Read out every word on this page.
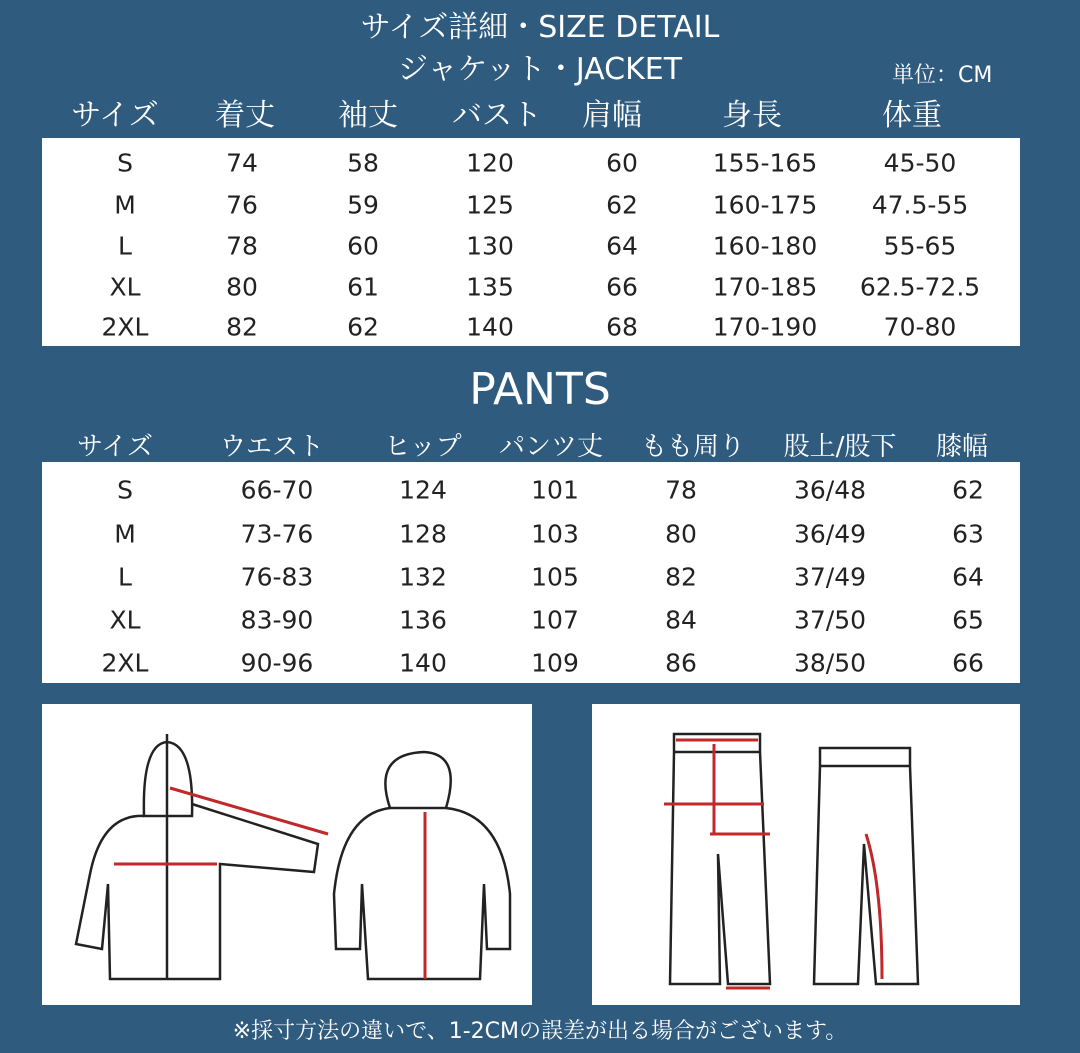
サイズ詳細・SIZE DETAIL
ジャケット・JACKET	単位：CM
S	74	58	120	60	155-165	45-50
M	76	59	125	62	160-175 47.5-55
L	78	60	130	64	160-180	55-65
XL	80	61	135	66	170-185 62.5-72.5
2XL	82	62	140	68	170-190	70-80
PANTS
S	66-70	124	101	78	36/48	62
M	73-76	128	103	80	36/49	63
L	76-83	132	105	82	37/49	64
XL	83-90	136	107	84	37/50	65
2XL	90-96	140	109	86	38/50	66
※採寸方法の違いで、1-2CMの誤差が出る場合がございます。
サイズ 着丈 袖丈 バスト 肩幅	身長	体重
サイズ	ウエスト ヒップ パンツ丈 もも周り 股上/股下 膝幅
